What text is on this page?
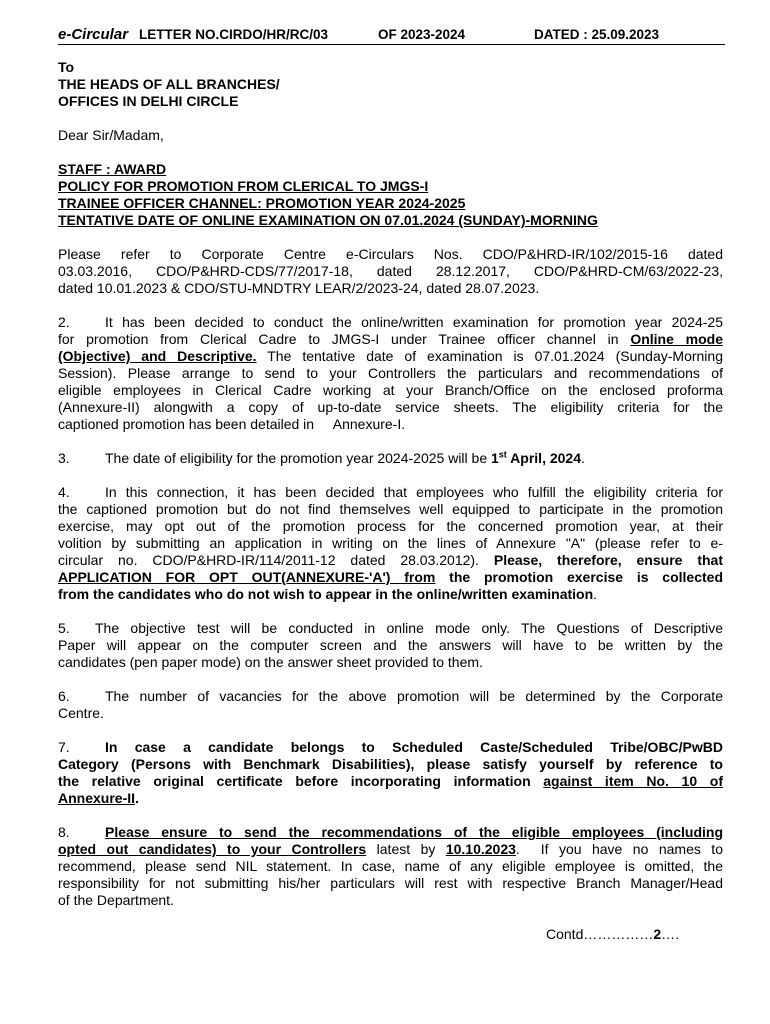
e-Circular LETTER NO.CIRDO/HR/RC/03	OF 2023-2024	DATED : 25.09.2023
To
THE HEADS OF ALL BRANCHES/
OFFICES IN DELHI CIRCLE
Dear Sir/Madam,
STAFF : AWARD
POLICY FOR PROMOTION FROM CLERICAL TO JMGS-I
TRAINEE OFFICER CHANNEL: PROMOTION YEAR 2024-2025
TENTATIVE DATE OF ONLINE EXAMINATION ON 07.01.2024 (SUNDAY)-MORNING
Please refer to Corporate Centre e-Circulars Nos. CDO/P&HRD-IR/102/2015-16 dated
03.03.2016, CDO/P&HRD-CDS/77/2017-18, dated 28.12.2017, CDO/P&HRD-CM/63/2022-23,
dated 10.01.2023 & CDO/STU-MNDTRY LEAR/2/2023-24, dated 28.07.2023.
2.	It has been decided to conduct the online/written examination for promotion year 2024-25
for promotion from Clerical Cadre to JMGS-I under Trainee officer channel in Online mode
(Objective) and Descriptive. The tentative date of examination is 07.01.2024 (Sunday-Morning
Session). Please arrange to send to your Controllers the particulars and recommendations of
eligible employees in Clerical Cadre working at your Branch/Office on the enclosed proforma
(Annexure-II) alongwith a copy of up-to-date service sheets. The eligibility criteria for the
captioned promotion has been detailed in     Annexure-I.
3.	The date of eligibility for the promotion year 2024-2025 will be 1st April, 2024.
4.	In this connection, it has been decided that employees who fulfill the eligibility criteria for
the captioned promotion but do not find themselves well equipped to participate in the promotion
exercise, may opt out of the promotion process for the concerned promotion year, at their
volition by submitting an application in writing on the lines of Annexure "A" (please refer to e-
circular no. CDO/P&HRD-IR/114/2011-12 dated 28.03.2012). Please, therefore, ensure that
APPLICATION FOR OPT OUT(ANNEXURE-'A') from the promotion exercise is collected
from the candidates who do not wish to appear in the online/written examination.
5. The objective test will be conducted in online mode only. The Questions of Descriptive
Paper will appear on the computer screen and the answers will have to be written by the
candidates (pen paper mode) on the answer sheet provided to them.
6.	The number of vacancies for the above promotion will be determined by the Corporate
Centre.
7.	In case a candidate belongs to Scheduled Caste/Scheduled Tribe/OBC/PwBD
Category (Persons with Benchmark Disabilities), please satisfy yourself by reference to
the relative original certificate before incorporating information against item No. 10 of
Annexure-II.
8.	Please ensure to send the recommendations of the eligible employees (including
opted out candidates) to your Controllers latest by 10.10.2023.  If you have no names to
recommend, please send NIL statement. In case, name of any eligible employee is omitted, the
responsibility for not submitting his/her particulars will rest with respective Branch Manager/Head
of the Department.
Contd……………2….
